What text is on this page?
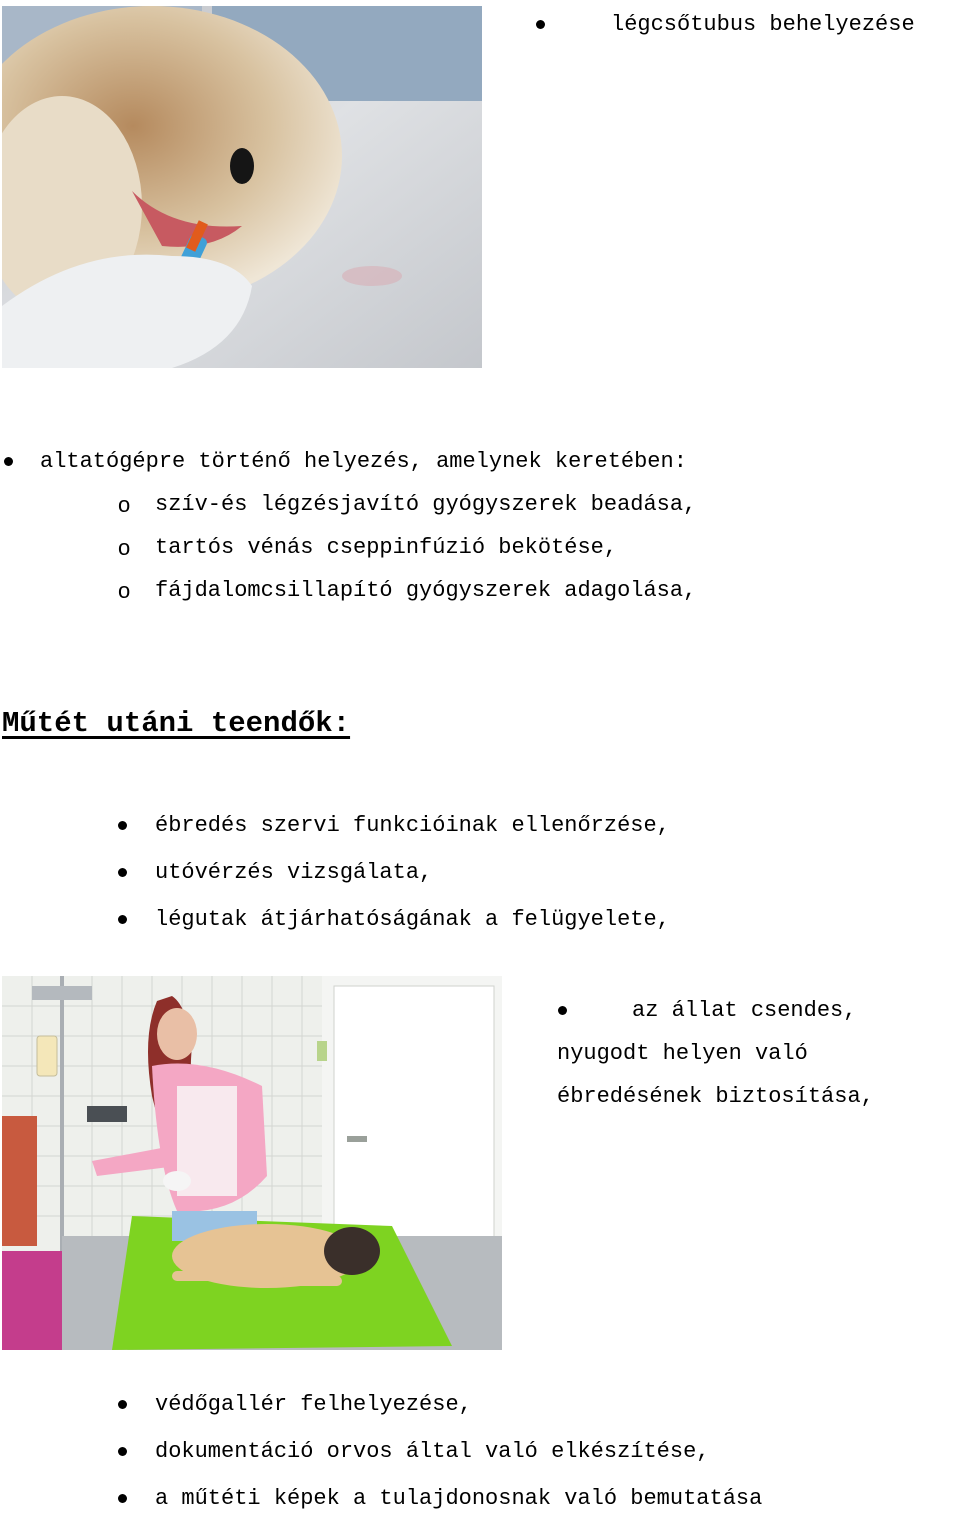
légcsőtubus behelyezése
altatógépre történő helyezés, amelynek keretében:
o szív-és légzésjavító gyógyszerek beadása,
o tartós vénás cseppinfúzió bekötése,
o fájdalomcsillapító gyógyszerek adagolása,
Műtét utáni teendők:
ébredés szervi funkcióinak ellenőrzése,
utóvérzés vizsgálata,
légutak átjárhatóságának a felügyelete,
az állat csendes,
nyugodt helyen való
ébredésének biztosítása,
védőgallér felhelyezése,
dokumentáció orvos által való elkészítése,
a műtéti képek a tulajdonosnak való bemutatása
